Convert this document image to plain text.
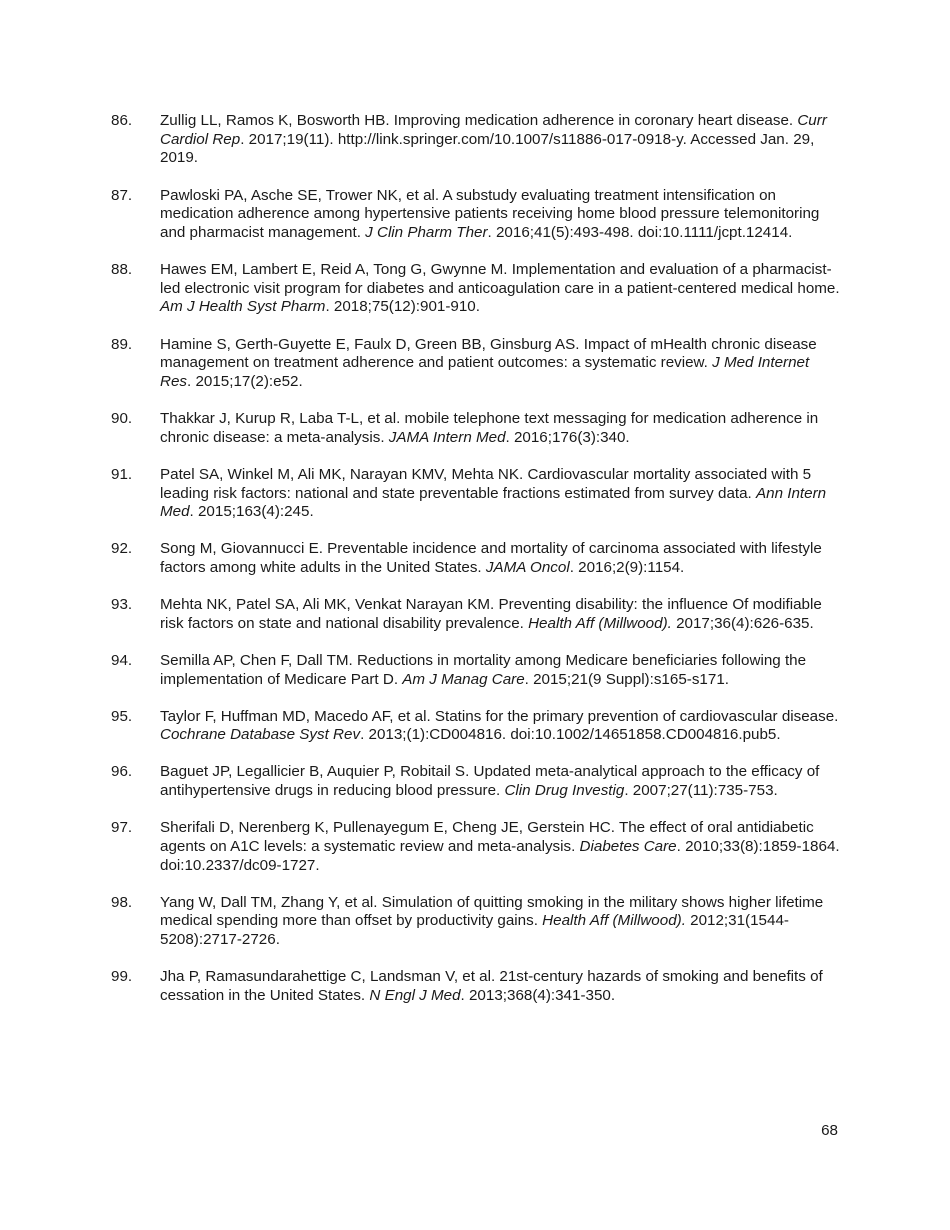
86.	Zullig LL, Ramos K, Bosworth HB. Improving medication adherence in coronary heart disease. Curr Cardiol Rep. 2017;19(11). http://link.springer.com/10.1007/s11886-017-0918-y. Accessed Jan. 29, 2019.
87.	Pawloski PA, Asche SE, Trower NK, et al. A substudy evaluating treatment intensification on medication adherence among hypertensive patients receiving home blood pressure telemonitoring and pharmacist management. J Clin Pharm Ther. 2016;41(5):493-498. doi:10.1111/jcpt.12414.
88.	Hawes EM, Lambert E, Reid A, Tong G, Gwynne M. Implementation and evaluation of a pharmacist-led electronic visit program for diabetes and anticoagulation care in a patient-centered medical home. Am J Health Syst Pharm. 2018;75(12):901-910.
89.	Hamine S, Gerth-Guyette E, Faulx D, Green BB, Ginsburg AS. Impact of mHealth chronic disease management on treatment adherence and patient outcomes: a systematic review. J Med Internet Res. 2015;17(2):e52.
90.	Thakkar J, Kurup R, Laba T-L, et al. mobile telephone text messaging for medication adherence in chronic disease: a meta-analysis. JAMA Intern Med. 2016;176(3):340.
91.	Patel SA, Winkel M, Ali MK, Narayan KMV, Mehta NK. Cardiovascular mortality associated with 5 leading risk factors: national and state preventable fractions estimated from survey data. Ann Intern Med. 2015;163(4):245.
92.	Song M, Giovannucci E. Preventable incidence and mortality of carcinoma associated with lifestyle factors among white adults in the United States. JAMA Oncol. 2016;2(9):1154.
93.	Mehta NK, Patel SA, Ali MK, Venkat Narayan KM. Preventing disability: the influence Of modifiable risk factors on state and national disability prevalence. Health Aff (Millwood). 2017;36(4):626-635.
94.	Semilla AP, Chen F, Dall TM. Reductions in mortality among Medicare beneficiaries following the implementation of Medicare Part D. Am J Manag Care. 2015;21(9 Suppl):s165-s171.
95.	Taylor F, Huffman MD, Macedo AF, et al. Statins for the primary prevention of cardiovascular disease. Cochrane Database Syst Rev. 2013;(1):CD004816. doi:10.1002/14651858.CD004816.pub5.
96.	Baguet JP, Legallicier B, Auquier P, Robitail S. Updated meta-analytical approach to the efficacy of antihypertensive drugs in reducing blood pressure. Clin Drug Investig. 2007;27(11):735-753.
97.	Sherifali D, Nerenberg K, Pullenayegum E, Cheng JE, Gerstein HC. The effect of oral antidiabetic agents on A1C levels: a systematic review and meta-analysis. Diabetes Care. 2010;33(8):1859-1864. doi:10.2337/dc09-1727.
98.	Yang W, Dall TM, Zhang Y, et al. Simulation of quitting smoking in the military shows higher lifetime medical spending more than offset by productivity gains. Health Aff (Millwood). 2012;31(1544-5208):2717-2726.
99.	Jha P, Ramasundarahettige C, Landsman V, et al. 21st-century hazards of smoking and benefits of cessation in the United States. N Engl J Med. 2013;368(4):341-350.
68
